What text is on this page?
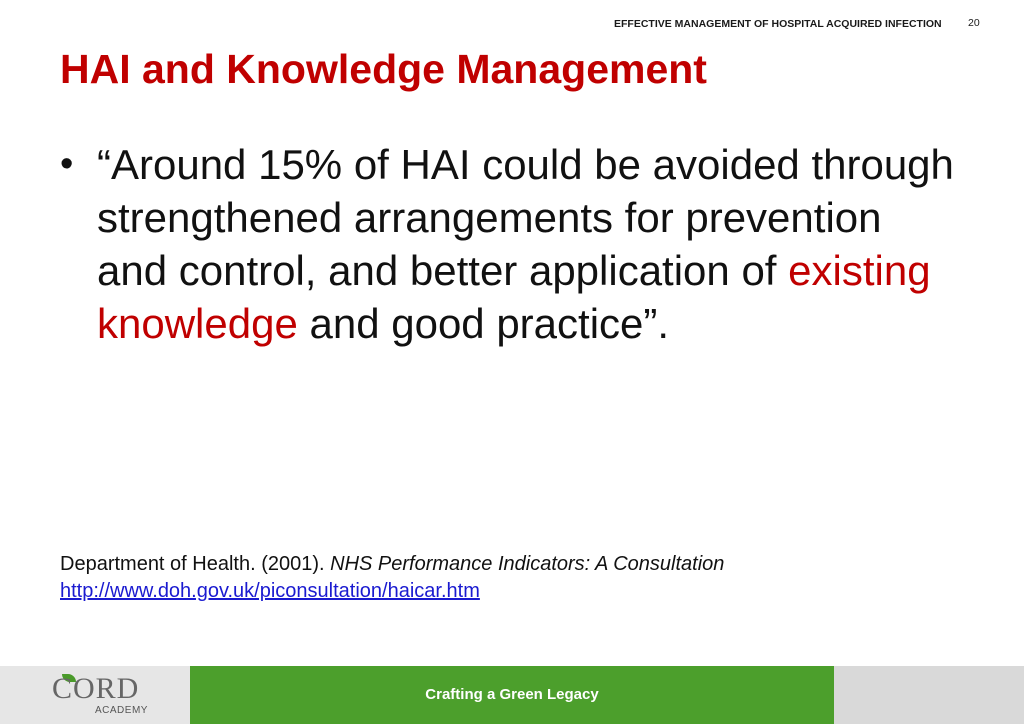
EFFECTIVE MANAGEMENT OF HOSPITAL ACQUIRED INFECTION	20
HAI and Knowledge Management
• “Around 15% of HAI could be avoided through strengthened arrangements for prevention and control, and better application of existing knowledge and good practice”.
Department of Health. (2001). NHS Performance Indicators: A Consultation
http://www.doh.gov.uk/piconsultation/haicar.htm
CORD
ACADEMY
Crafting a Green Legacy
